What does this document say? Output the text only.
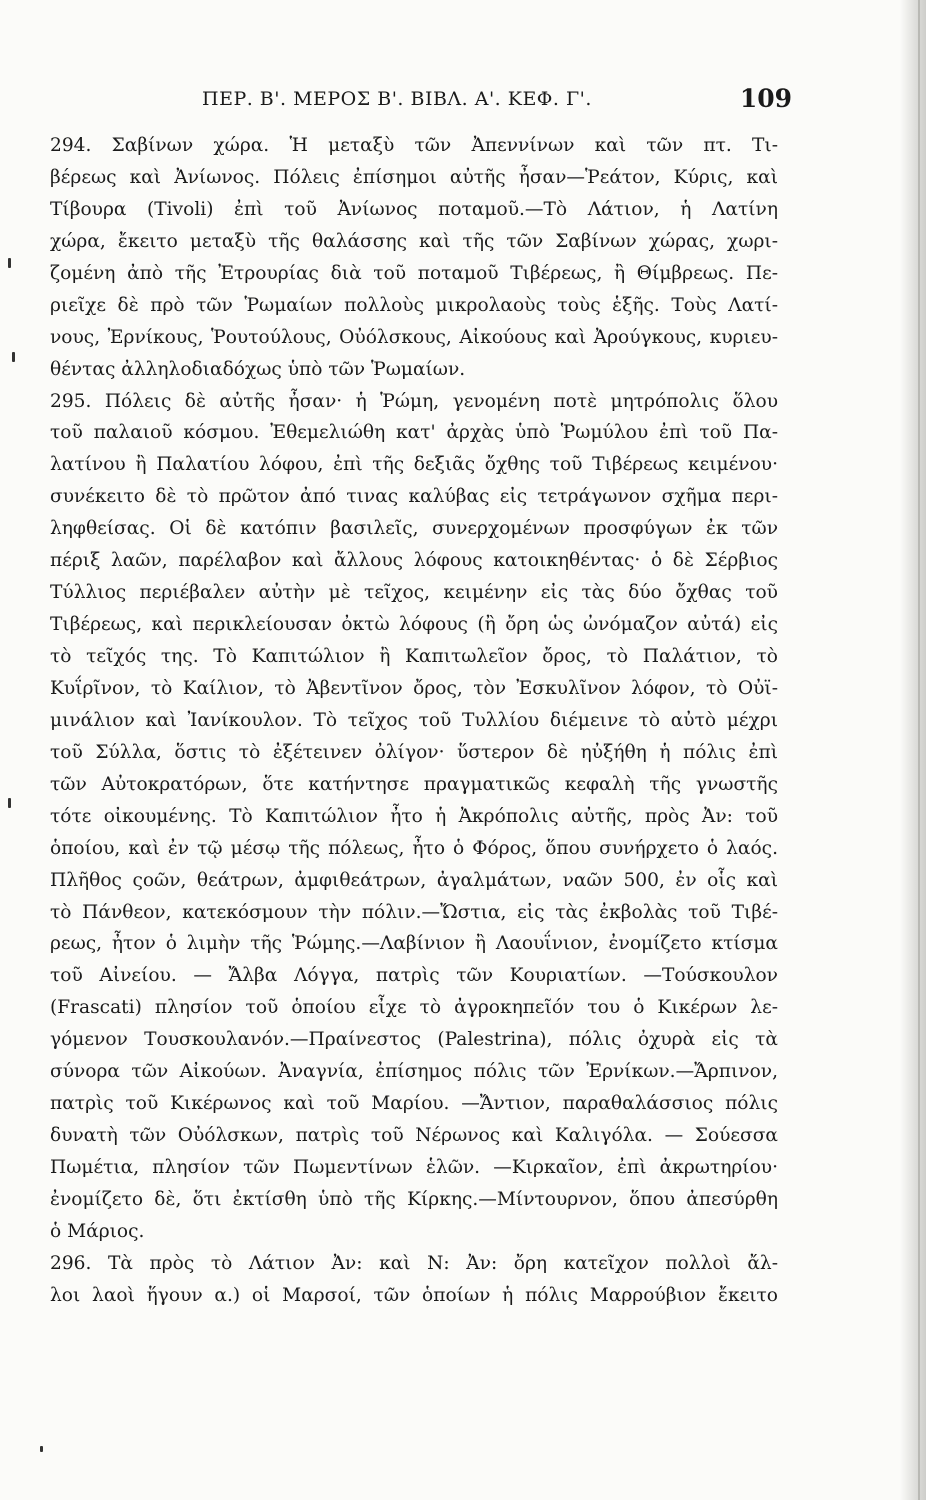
ΠΕΡ. Β'. ΜΕΡΟΣ Β'. ΒΙΒΛ. Α'. ΚΕΦ. Γ'.	109
294. Σαβίνων χώρα. Ἡ μεταξὺ τῶν Ἀπεννίνων καὶ τῶν πτ. Τι-
βέρεως καὶ Ἀνίωνος. Πόλεις ἐπίσημοι αὐτῆς ἦσαν—Ῥεάτον, Κύρις, καὶ
Τίβουρα (Tivoli) ἐπὶ τοῦ Ἀνίωνος ποταμοῦ.—Τὸ Λάτιον, ἡ Λατίνη
χώρα, ἔκειτο μεταξὺ τῆς θαλάσσης καὶ τῆς τῶν Σαβίνων χώρας, χωρι-
ζομένη ἀπὸ τῆς Ἐτρουρίας διὰ τοῦ ποταμοῦ Τιβέρεως, ἢ Θίμβρεως. Πε-
ριεῖχε δὲ πρὸ τῶν Ῥωμαίων πολλοὺς μικρολαοὺς τοὺς ἑξῆς. Τοὺς Λατί-
νους, Ἐρνίκους, Ῥουτούλους, Οὐόλσκους, Αἰκούους καὶ Ἀρούγκους, κυριευ-
θέντας ἀλληλοδιαδόχως ὑπὸ τῶν Ῥωμαίων.
295. Πόλεις δὲ αὐτῆς ἦσαν· ἡ Ῥώμη, γενομένη ποτὲ μητρόπολις ὅλου
τοῦ παλαιοῦ κόσμου. Ἐθεμελιώθη κατ' ἀρχὰς ὑπὸ Ῥωμύλου ἐπὶ τοῦ Πα-
λατίνου ἢ Παλατίου λόφου, ἐπὶ τῆς δεξιᾶς ὄχθης τοῦ Τιβέρεως κειμένου·
συνέκειτο δὲ τὸ πρῶτον ἀπό τινας καλύβας εἰς τετράγωνον σχῆμα περι-
ληφθείσας. Οἱ δὲ κατόπιν βασιλεῖς, συνερχομένων προσφύγων ἐκ τῶν
πέριξ λαῶν, παρέλαβον καὶ ἄλλους λόφους κατοικηθέντας· ὁ δὲ Σέρβιος
Τύλλιος περιέβαλεν αὐτὴν μὲ τεῖχος, κειμένην εἰς τὰς δύο ὄχθας τοῦ
Τιβέρεως, καὶ περικλείουσαν ὀκτὼ λόφους (ἢ ὄρη ὡς ὠνόμαζον αὐτά) εἰς
τὸ τεῖχός της. Τὸ Καπιτώλιον ἢ Καπιτωλεῖον ὄρος, τὸ Παλάτιον, τὸ
Κυΐρῖνον, τὸ Καίλιον, τὸ Ἀβεντῖνον ὄρος, τὸν Ἐσκυλῖνον λόφον, τὸ Οὐϊ-
μινάλιον καὶ Ἰανίκουλον. Τὸ τεῖχος τοῦ Τυλλίου διέμεινε τὸ αὐτὸ μέχρι
τοῦ Σύλλα, ὅστις τὸ ἐξέτεινεν ὀλίγον· ὕστερον δὲ ηὐξήθη ἡ πόλις ἐπὶ
τῶν Αὐτοκρατόρων, ὅτε κατήντησε πραγματικῶς κεφαλὴ τῆς γνωστῆς
τότε οἰκουμένης. Τὸ Καπιτώλιον ἦτο ἡ Ἀκρόπολις αὐτῆς, πρὸς Ἀν: τοῦ
ὁποίου, καὶ ἐν τῷ μέσῳ τῆς πόλεως, ἦτο ὁ Φόρος, ὅπου συνήρχετο ὁ λαός.
Πλῆθος ςοῶν, θεάτρων, ἀμφιθεάτρων, ἀγαλμάτων, ναῶν 500, ἐν οἷς καὶ
τὸ Πάνθεον, κατεκόσμουν τὴν πόλιν.—Ὤστια, εἰς τὰς ἐκβολὰς τοῦ Τιβέ-
ρεως, ἦτον ὁ λιμὴν τῆς Ῥώμης.—Λαβίνιον ἢ Λαουΐνιον, ἐνομίζετο κτίσμα
τοῦ Αἰνείου. — Ἄλβα Λόγγα, πατρὶς τῶν Κουριατίων. —Τούσκουλον
(Frascati) πλησίον τοῦ ὁποίου εἶχε τὸ ἀγροκηπεῖόν του ὁ Κικέρων λε-
γόμενον Τουσκουλανόν.—Πραίνεστος (Palestrina), πόλις ὀχυρὰ εἰς τὰ
σύνορα τῶν Αἰκούων. Ἀναγνία, ἐπίσημος πόλις τῶν Ἐρνίκων.—Ἄρπινον,
πατρὶς τοῦ Κικέρωνος καὶ τοῦ Μαρίου. —Ἄντιον, παραθαλάσσιος πόλις
δυνατὴ τῶν Οὐόλσκων, πατρὶς τοῦ Νέρωνος καὶ Καλιγόλα. — Σούεσσα
Πωμέτια, πλησίον τῶν Πωμεντίνων ἑλῶν. —Κιρκαῖον, ἐπὶ ἀκρωτηρίου·
ἐνομίζετο δὲ, ὅτι ἐκτίσθη ὑπὸ τῆς Κίρκης.—Μίντουρνον, ὅπου ἀπεσύρθη
ὁ Μάριος.
296. Τὰ πρὸς τὸ Λάτιον Ἀν: καὶ Ν: Ἀν: ὄρη κατεῖχον πολλοὶ ἄλ-
λοι λαοὶ ἥγουν α.) οἱ Μαρσοί, τῶν ὁποίων ἡ πόλις Μαρρούβιον ἔκειτο
